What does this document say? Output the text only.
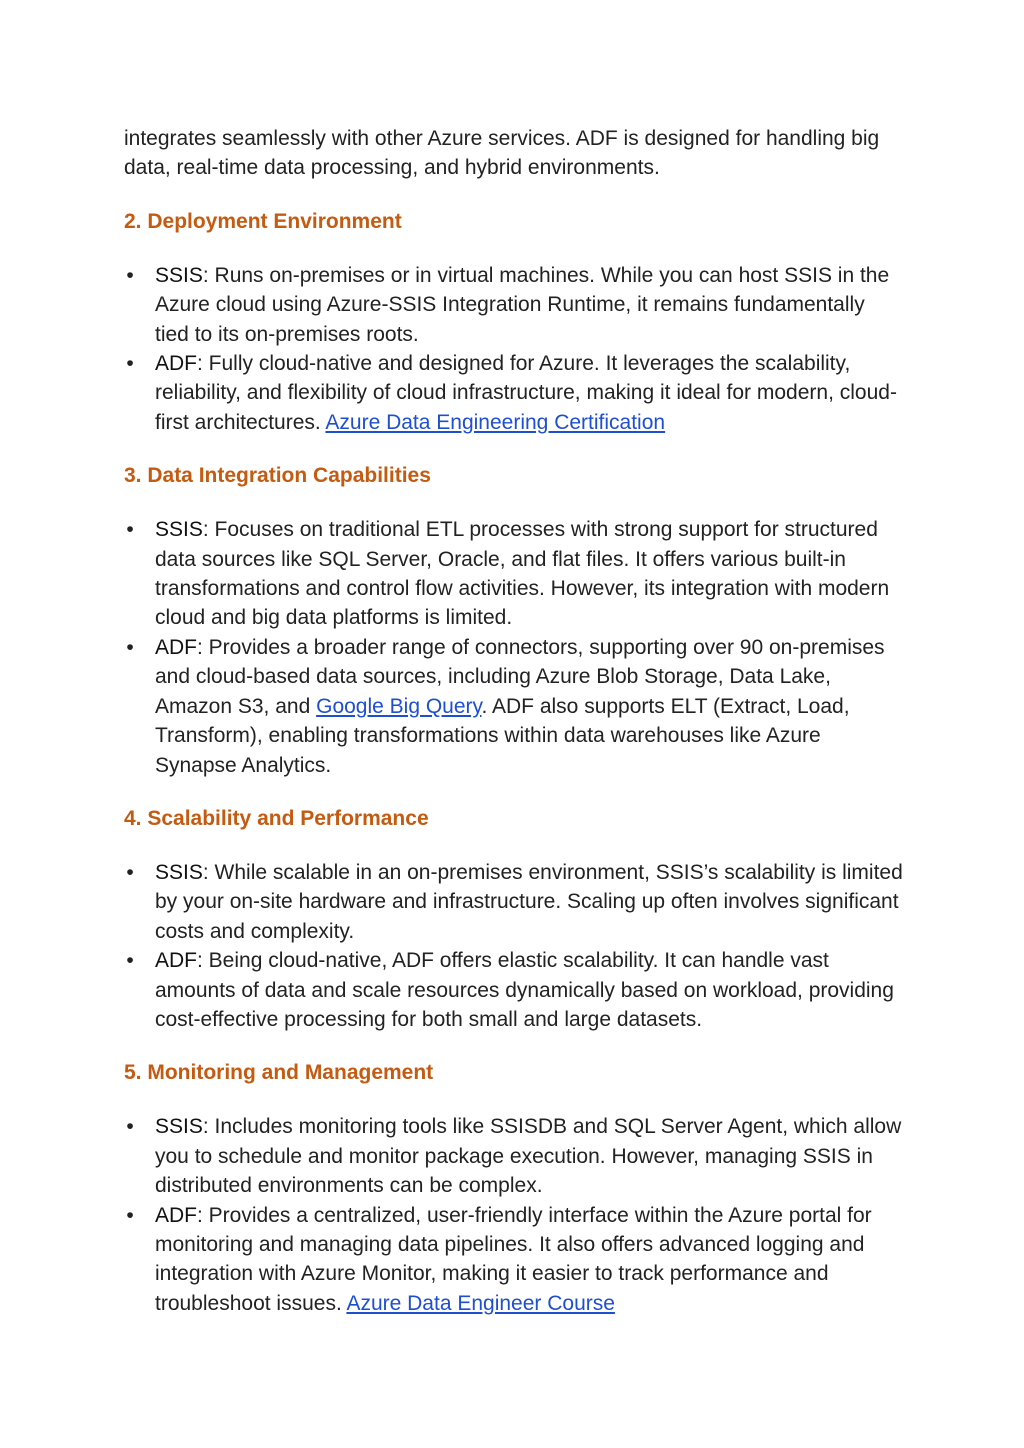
integrates seamlessly with other Azure services. ADF is designed for handling big data, real-time data processing, and hybrid environments.

2. Deployment Environment
• SSIS: Runs on-premises or in virtual machines. While you can host SSIS in the Azure cloud using Azure-SSIS Integration Runtime, it remains fundamentally tied to its on-premises roots.
• ADF: Fully cloud-native and designed for Azure. It leverages the scalability, reliability, and flexibility of cloud infrastructure, making it ideal for modern, cloud-first architectures. Azure Data Engineering Certification
3. Data Integration Capabilities
• SSIS: Focuses on traditional ETL processes with strong support for structured data sources like SQL Server, Oracle, and flat files. It offers various built-in transformations and control flow activities. However, its integration with modern cloud and big data platforms is limited.
• ADF: Provides a broader range of connectors, supporting over 90 on-premises and cloud-based data sources, including Azure Blob Storage, Data Lake, Amazon S3, and Google Big Query. ADF also supports ELT (Extract, Load, Transform), enabling transformations within data warehouses like Azure Synapse Analytics.
4. Scalability and Performance
• SSIS: While scalable in an on-premises environment, SSIS’s scalability is limited by your on-site hardware and infrastructure. Scaling up often involves significant costs and complexity.
• ADF: Being cloud-native, ADF offers elastic scalability. It can handle vast amounts of data and scale resources dynamically based on workload, providing cost-effective processing for both small and large datasets.
5. Monitoring and Management
• SSIS: Includes monitoring tools like SSISDB and SQL Server Agent, which allow you to schedule and monitor package execution. However, managing SSIS in distributed environments can be complex.
• ADF: Provides a centralized, user-friendly interface within the Azure portal for monitoring and managing data pipelines. It also offers advanced logging and integration with Azure Monitor, making it easier to track performance and troubleshoot issues. Azure Data Engineer Course
